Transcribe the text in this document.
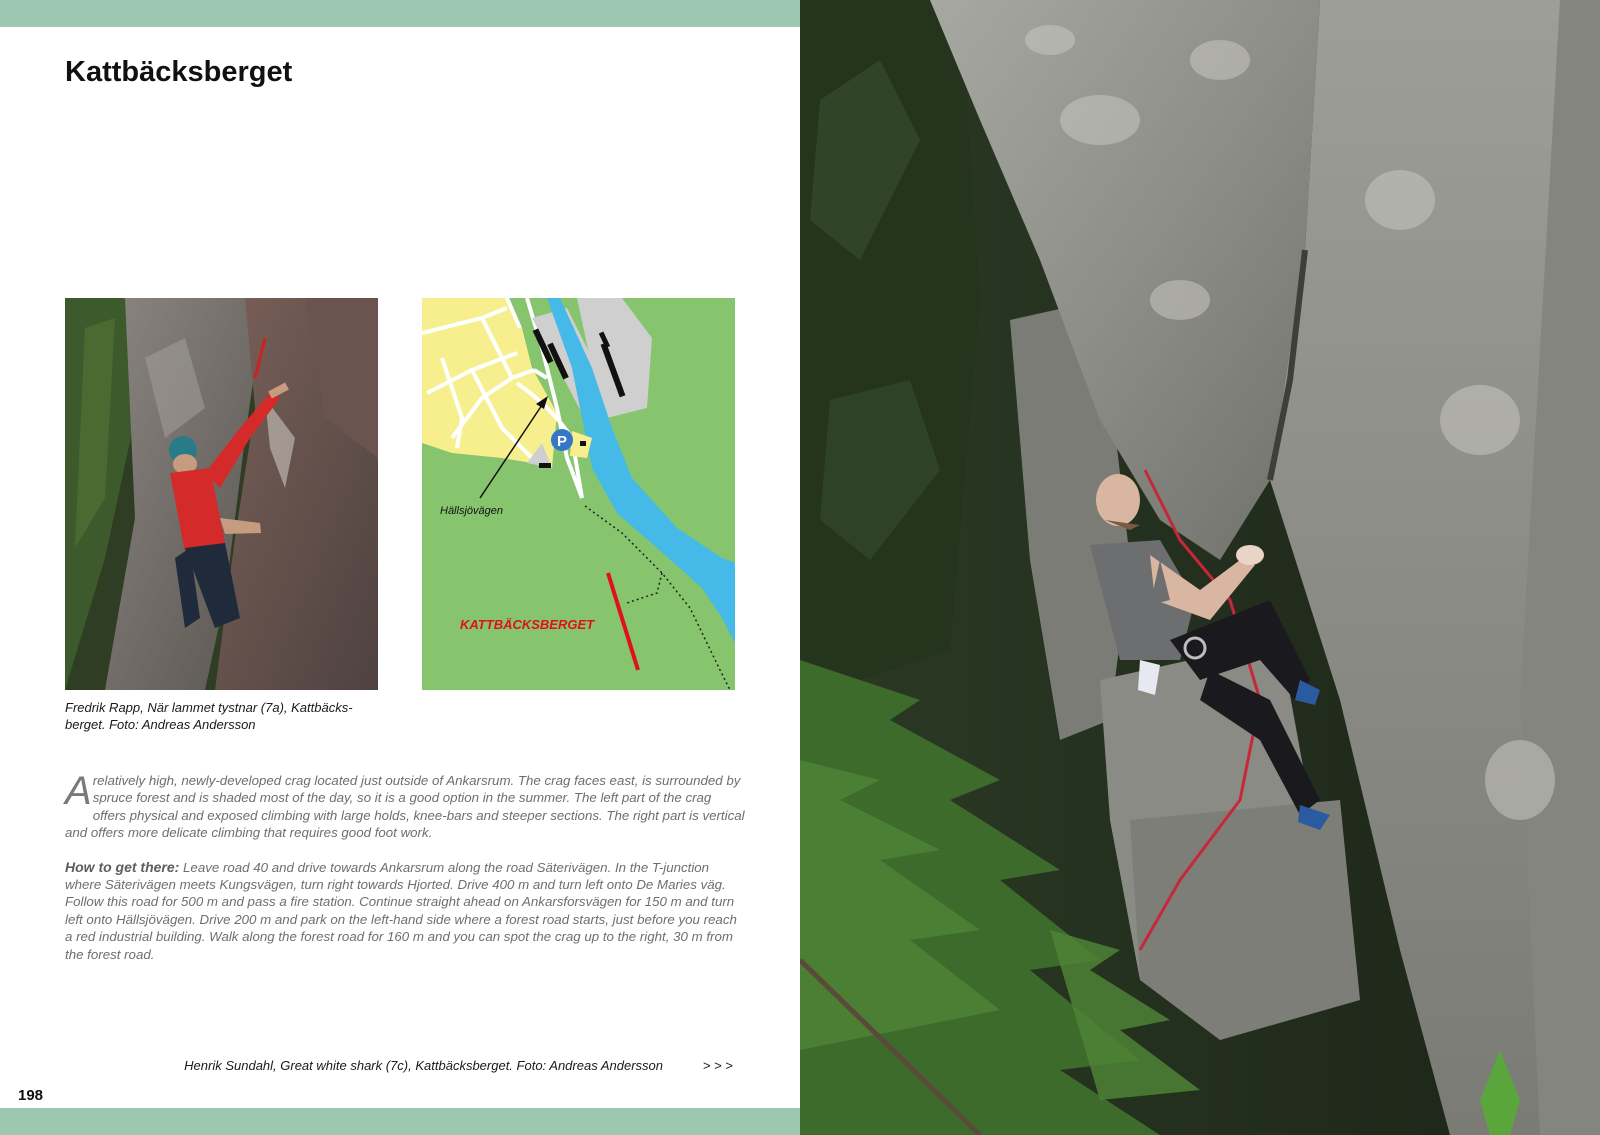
Kattbäcksberget
P
Hällsjövägen
KATTBÄCKSBERGET
Fredrik Rapp, När lammet tystnar (7a), Kattbäcks-berget. Foto: Andreas Andersson

Arelatively high, newly-developed crag located just outside of Ankarsrum. The crag faces east, is surrounded by spruce forest and is shaded most of the day, so it is a good option in the summer. The left part of the crag offers physical and exposed climbing with large holds, knee-bars and steeper sections. The right part is vertical and offers more delicate climbing that requires good foot work.

How to get there: Leave road 40 and drive towards Ankarsrum along the road Säterivägen. In the T-junction where Säterivägen meets Kungsvägen, turn right towards Hjorted. Drive 400 m and turn left onto De Maries väg. Follow this road for 500 m and pass a fire station. Continue straight ahead on Ankarsforsvägen for 150 m and turn left onto Hällsjövägen. Drive 200 m and park on the left-hand side where a forest road starts, just before you reach a red industrial building. Walk along the forest road for 160 m and you can spot the crag up to the right, 30 m from the forest road.

Henrik Sundahl, Great white shark (7c), Kattbäcksberget. Foto: Andreas Andersson	> > >
198
